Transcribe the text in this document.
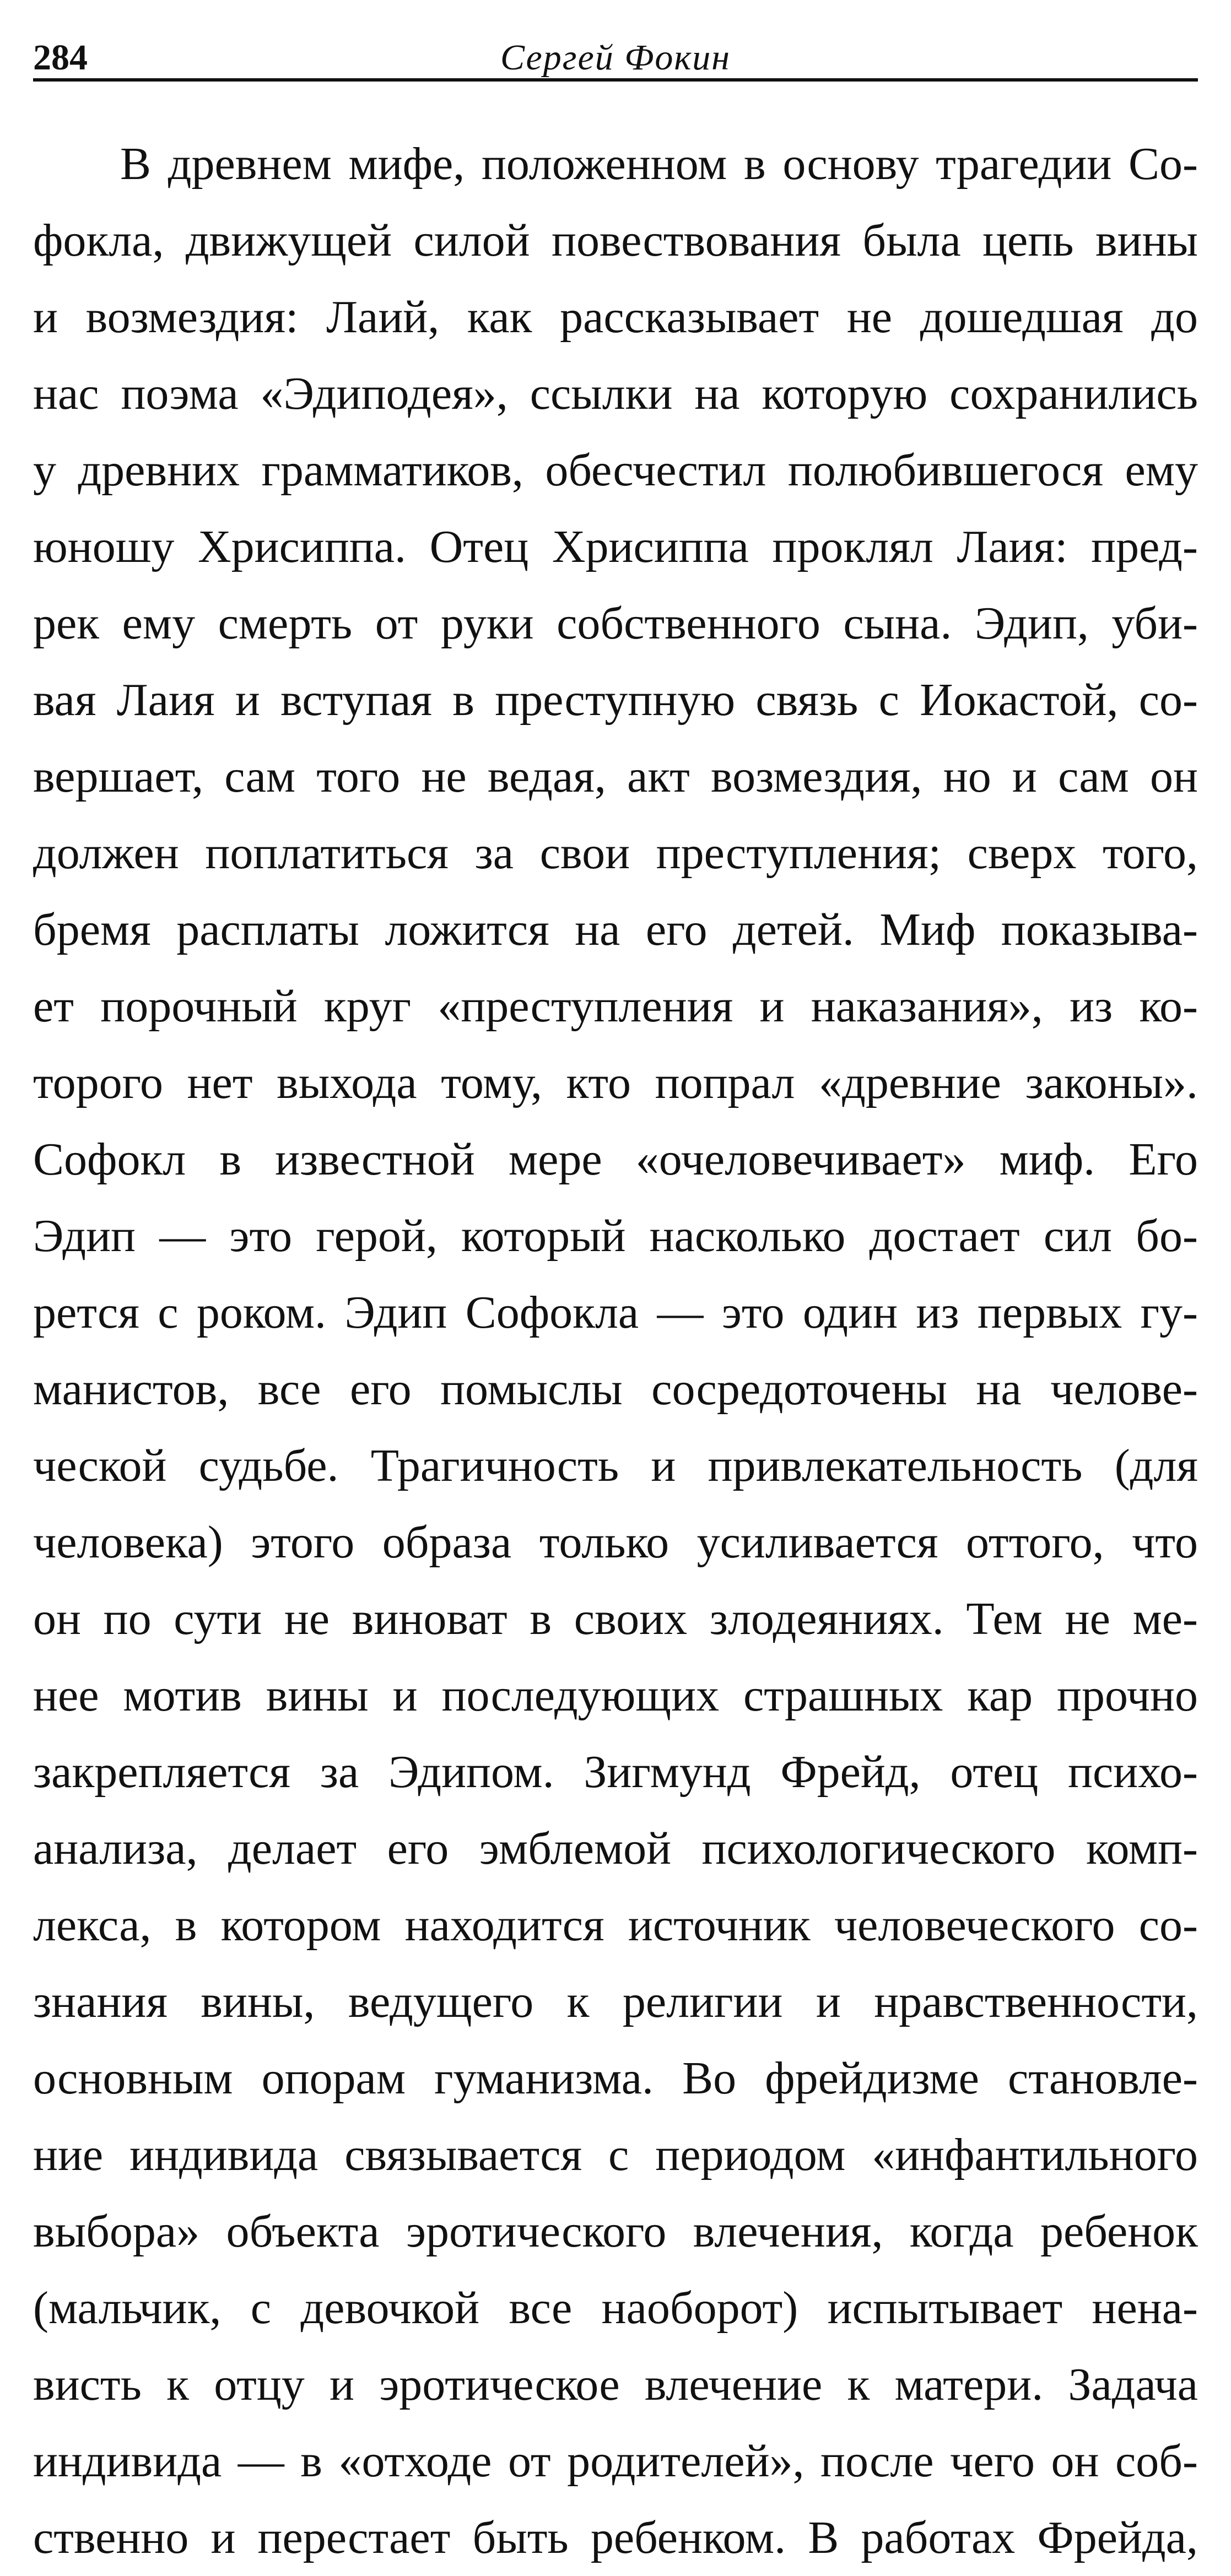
284	Сергей Фокин
В древнем мифе, положенном в основу трагедии Со-
фокла, движущей силой повествования была цепь вины
и возмездия: Лаий, как рассказывает не дошедшая до
нас поэма «Эдиподея», ссылки на которую сохранились
у древних грамматиков, обесчестил полюбившегося ему
юношу Хрисиппа. Отец Хрисиппа проклял Лаия: пред-
рек ему смерть от руки собственного сына. Эдип, уби-
вая Лаия и вступая в преступную связь с Иокастой, со-
вершает, сам того не ведая, акт возмездия, но и сам он
должен поплатиться за свои преступления; сверх того,
бремя расплаты ложится на его детей. Миф показыва-
ет порочный круг «преступления и наказания», из ко-
торого нет выхода тому, кто попрал «древние законы».
Софокл в известной мере «очеловечивает» миф. Его
Эдип — это герой, который насколько достает сил бо-
рется с роком. Эдип Софокла — это один из первых гу-
манистов, все его помыслы сосредоточены на челове-
ческой судьбе. Трагичность и привлекательность (для
человека) этого образа только усиливается оттого, что
он по сути не виноват в своих злодеяниях. Тем не ме-
нее мотив вины и последующих страшных кар прочно
закрепляется за Эдипом. Зигмунд Фрейд, отец психо-
анализа, делает его эмблемой психологического комп-
лекса, в котором находится источник человеческого со-
знания вины, ведущего к религии и нравственности,
основным опорам гуманизма. Во фрейдизме становле-
ние индивида связывается с периодом «инфантильного
выбора» объекта эротического влечения, когда ребенок
(мальчик, с девочкой все наоборот) испытывает нена-
висть к отцу и эротическое влечение к матери. Задача
индивида — в «отходе от родителей», после чего он соб-
ственно и перестает быть ребенком. В работах Фрейда,
